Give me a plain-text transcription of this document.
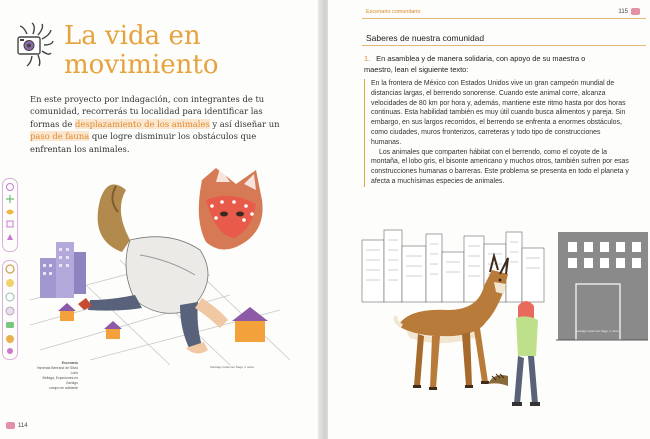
La vida en
movimiento

En este proyecto por indagación, con integrantes de tu comunidad, recorrerás tu localidad para identificar las formas de desplazamiento de los animales y así diseñar un paso de fauna que logre disminuir los obstáculos que enfrentan los animales.

Santiago Gutiérrez Nagu, il ustra
Escenario
Yarrenda Bertrand de Silvia Loris
Bellaga, Expeciones en Garlago
campo en adelante
114
Escenario comunitario	115
Saberes de nuestra comunidad
1. En asamblea y de manera solidaria, con apoyo de su maestra o maestro, lean el siguiente texto:

En la frontera de México con Estados Unidos vive un gran campeón mundial de distancias largas, el berrendo sonorense. Cuando este animal corre, alcanza velocidades de 80 km por hora y, además, mantiene este ritmo hasta por dos horas continuas. Esta habilidad también es muy útil cuando busca alimentos y pareja. Sin embargo, en sus largos recorridos, el berrendo se enfrenta a enormes obstáculos, como ciudades, muros fronterizos, carreteras y todo tipo de construcciones humanas.

Los animales que comparten hábitat con el berrendo, como el coyote de la montaña, el lobo gris, el bisonte americano y muchos otros, también sufren por esas construcciones humanas o barreras. Este problema se presenta en todo el planeta y afecta a muchísimas especies de animales.

Santiago Gutiérrez Nagu, il ustra
